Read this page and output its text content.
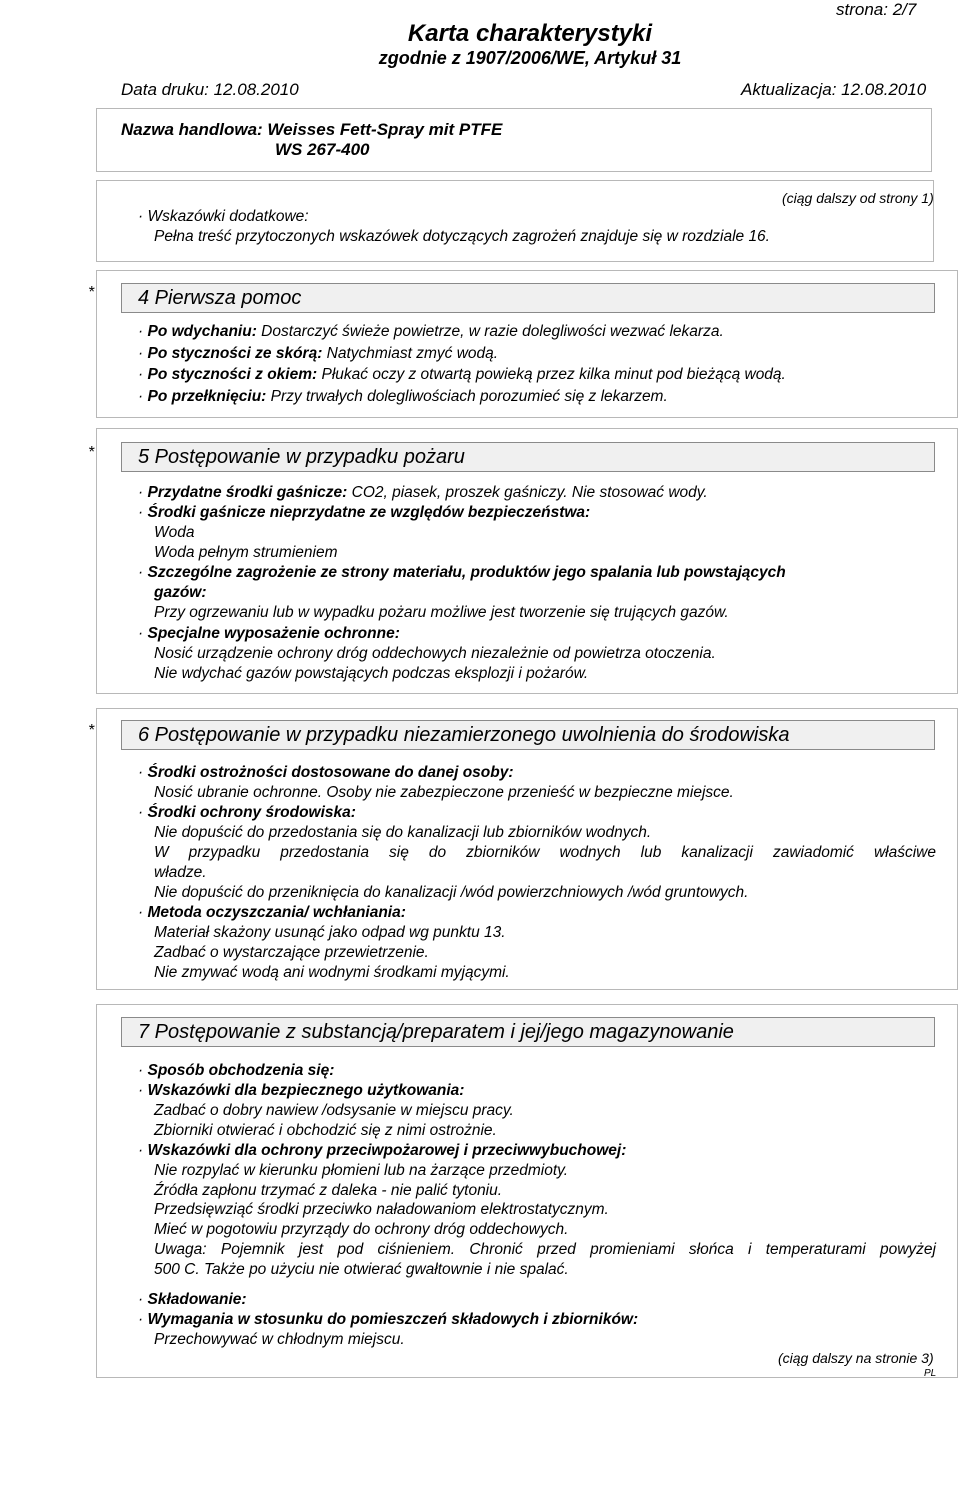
strona: 2/7
Karta charakterystyki
zgodnie z 1907/2006/WE, Artykuł 31
Data druku: 12.08.2010	Aktualizacja: 12.08.2010
Nazwa handlowa: Weisses Fett-Spray mit PTFE
WS 267-400
(ciąg dalszy od strony 1)
· Wskazówki dodatkowe:
Pełna treść przytoczonych wskazówek dotyczących zagrożeń znajduje się w rozdziale 16.
* 4 Pierwsza pomoc
· Po wdychaniu: Dostarczyć świeże powietrze, w razie dolegliwości wezwać lekarza.
· Po styczności ze skórą: Natychmiast zmyć wodą.
· Po styczności z okiem: Płukać oczy z otwartą powieką przez kilka minut pod bieżącą wodą.
· Po przełknięciu: Przy trwałych dolegliwościach porozumieć się z lekarzem.
* 5 Postępowanie w przypadku pożaru
· Przydatne środki gaśnicze: CO2, piasek, proszek gaśniczy. Nie stosować wody.
· Środki gaśnicze nieprzydatne ze względów bezpieczeństwa:
Woda
Woda pełnym strumieniem
· Szczególne zagrożenie ze strony materiału, produktów jego spalania lub powstających
gazów:
Przy ogrzewaniu lub w wypadku pożaru możliwe jest tworzenie się trujących gazów.
· Specjalne wyposażenie ochronne:
Nosić urządzenie ochrony dróg oddechowych niezależnie od powietrza otoczenia.
Nie wdychać gazów powstających podczas eksplozji i pożarów.
* 6 Postępowanie w przypadku niezamierzonego uwolnienia do środowiska
· Środki ostrożności dostosowane do danej osoby:
Nosić ubranie ochronne. Osoby nie zabezpieczone przenieść w bezpieczne miejsce.
· Środki ochrony środowiska:
Nie dopuścić do przedostania się do kanalizacji lub zbiorników wodnych.
W przypadku przedostania się do zbiorników wodnych lub kanalizacji zawiadomić właściwe
władze.
Nie dopuścić do przeniknięcia do kanalizacji /wód powierzchniowych /wód gruntowych.
· Metoda oczyszczania/ wchłaniania:
Materiał skażony usunąć jako odpad wg punktu 13.
Zadbać o wystarczające przewietrzenie.
Nie zmywać wodą ani wodnymi środkami myjącymi.
7 Postępowanie z substancją/preparatem i jej/jego magazynowanie
· Sposób obchodzenia się:
· Wskazówki dla bezpiecznego użytkowania:
Zadbać o dobry nawiew /odsysanie w miejscu pracy.
Zbiorniki otwierać i obchodzić się z nimi ostrożnie.
· Wskazówki dla ochrony przeciwpożarowej i przeciwwybuchowej:
Nie rozpylać w kierunku płomieni lub na żarzące przedmioty.
Źródła zapłonu trzymać z daleka - nie palić tytoniu.
Przedsięwziąć środki przeciwko naładowaniom elektrostatycznym.
Mieć w pogotowiu przyrządy do ochrony dróg oddechowych.
Uwaga: Pojemnik jest pod ciśnieniem. Chronić przed promieniami słońca i temperaturami powyżej
500 C. Także po użyciu nie otwierać gwałtownie i nie spalać.
· Składowanie:
· Wymagania w stosunku do pomieszczeń składowych i zbiorników:
Przechowywać w chłodnym miejscu.
(ciąg dalszy na stronie 3)
PL
